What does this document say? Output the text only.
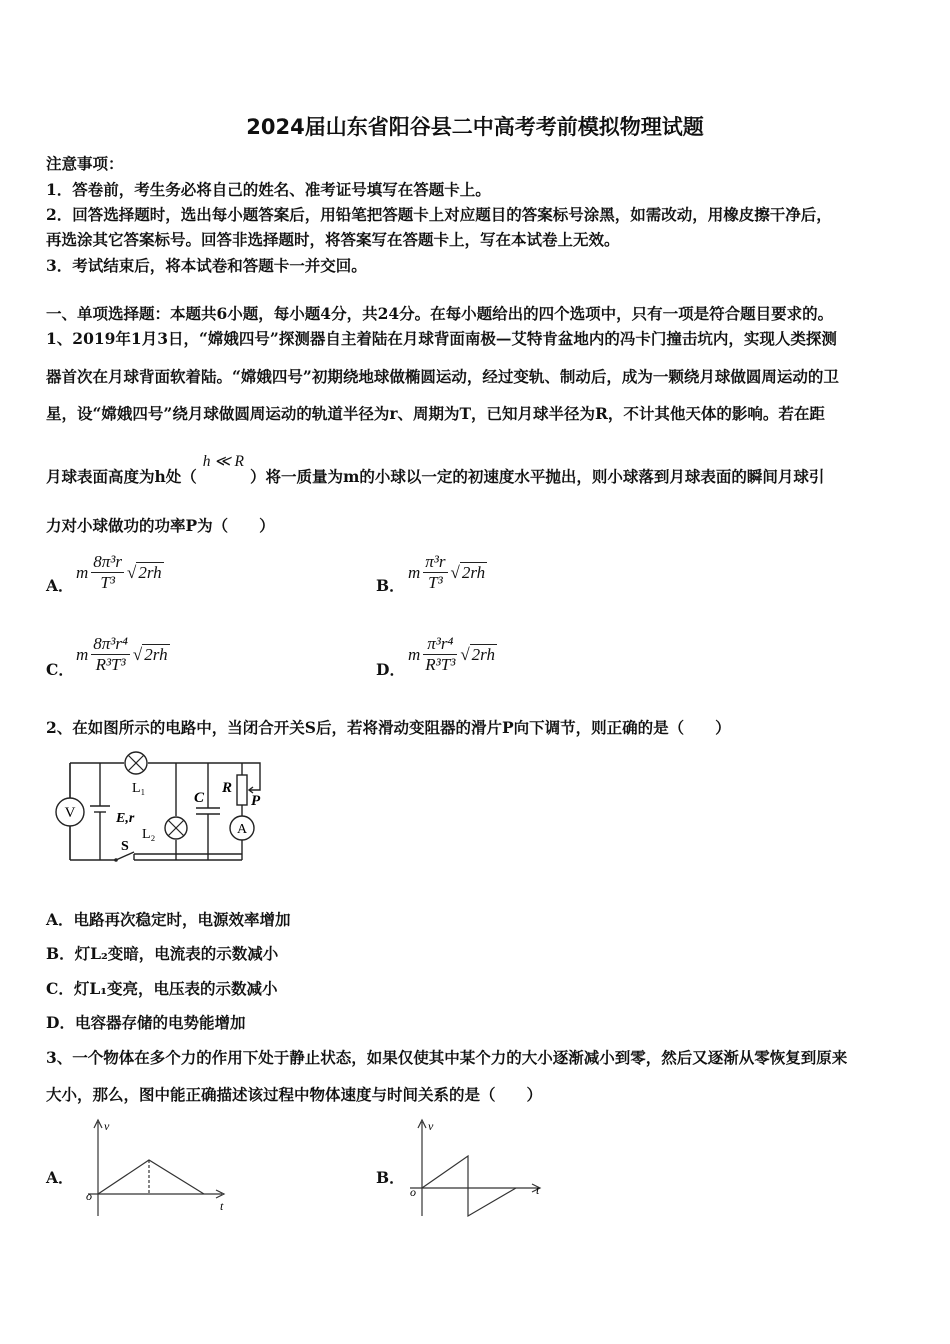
2024届山东省阳谷县二中高考考前模拟物理试题
注意事项：
1．答卷前，考生务必将自己的姓名、准考证号填写在答题卡上。
2．回答选择题时，选出每小题答案后，用铅笔把答题卡上对应题目的答案标号涂黑，如需改动，用橡皮擦干净后，
再选涂其它答案标号。回答非选择题时，将答案写在答题卡上，写在本试卷上无效。
3．考试结束后，将本试卷和答题卡一并交回。
一、单项选择题：本题共6小题，每小题4分，共24分。在每小题给出的四个选项中，只有一项是符合题目要求的。
1、2019年1月3日，“嫦娥四号”探测器自主着陆在月球背面南极—艾特肯盆地内的冯卡门撞击坑内，实现人类探测
器首次在月球背面软着陆。“嫦娥四号”初期绕地球做椭圆运动，经过变轨、制动后，成为一颗绕月球做圆周运动的卫
星，设“嫦娥四号”绕月球做圆周运动的轨道半径为r、周期为T，已知月球半径为R，不计其他天体的影响。若在距
月球表面高度为h处（h ≪ R）将一质量为m的小球以一定的初速度水平抛出，则小球落到月球表面的瞬间月球引
力对小球做功的功率P为（　　）
A．
m $\frac{\text{8π³r}}{\text{T³}}$ √ 2rh
B．
m $\frac{\text{π³r}}{\text{T³}}$ √ 2rh
C．
m $\frac{\text{8π³r⁴}}{\text{R³T³}}$ √ 2rh
D．
m $\frac{\text{π³r⁴}}{\text{R³T³}}$ √ 2rh
2、在如图所示的电路中，当闭合开关S后，若将滑动变阻器的滑片P向下调节，则正确的是（　　）
V
L₁
L₂
E,r
S
C
R
P
A
A．电路再次稳定时，电源效率增加
B．灯L₂变暗，电流表的示数减小
C．灯L₁变亮，电压表的示数减小
D．电容器存储的电势能增加
3、一个物体在多个力的作用下处于静止状态，如果仅使其中某个力的大小逐渐减小到零，然后又逐渐从零恢复到原来
大小，那么，图中能正确描述该过程中物体速度与时间关系的是（　　）
A．
v
t
o
B．
v
t
o
